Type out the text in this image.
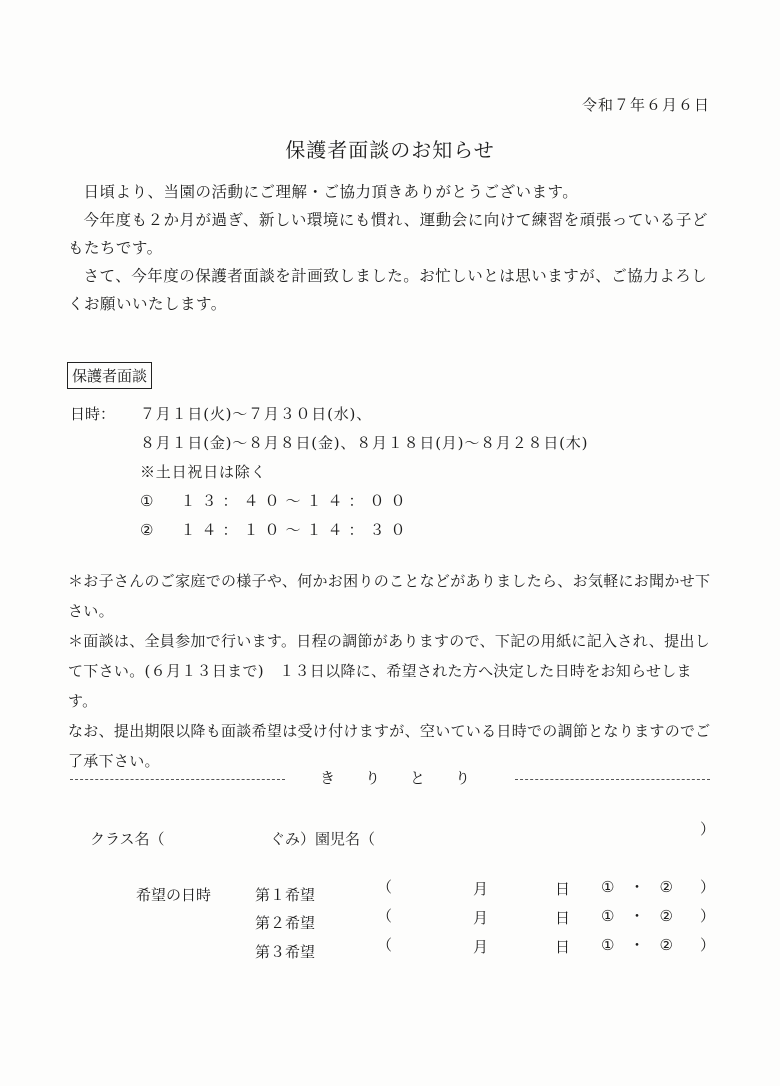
令和７年６月６日
保護者面談のお知らせ

日頃より、当園の活動にご理解・ご協力頂きありがとうございます。

今年度も２か月が過ぎ、新しい環境にも慣れ、運動会に向けて練習を頑張っている子どもたちです。

さて、今年度の保護者面談を計画致しました。お忙しいとは思いますが、ご協力よろしくお願いいたします。

保護者面談
日時： ７月１日(火)～７月３０日(水)、
８月１日(金)～８月８日(金)、８月１８日(月)～８月２８日(木)
※土日祝日は除く
①　１３：４０～１４：００
②　１４：１０～１４：３０

＊お子さんのご家庭での様子や、何かお困りのことなどがありましたら、お気軽にお聞かせ下さい。

＊面談は、全員参加で行います。日程の調節がありますので、下記の用紙に記入され、提出して下さい。(６月１３日まで)　１３日以降に、希望された方へ決定した日時をお知らせします。

なお、提出期限以降も面談希望は受け付けますが、空いている日時での調節となりますのでご了承下さい。

きりとり
クラス名（	ぐみ）園児名（
）
希望の日時	第１希望	（	月	日 ①　・　② ）
第２希望	（	月	日 ①　・　② ）
第３希望	（	月	日 ①　・　② ）
